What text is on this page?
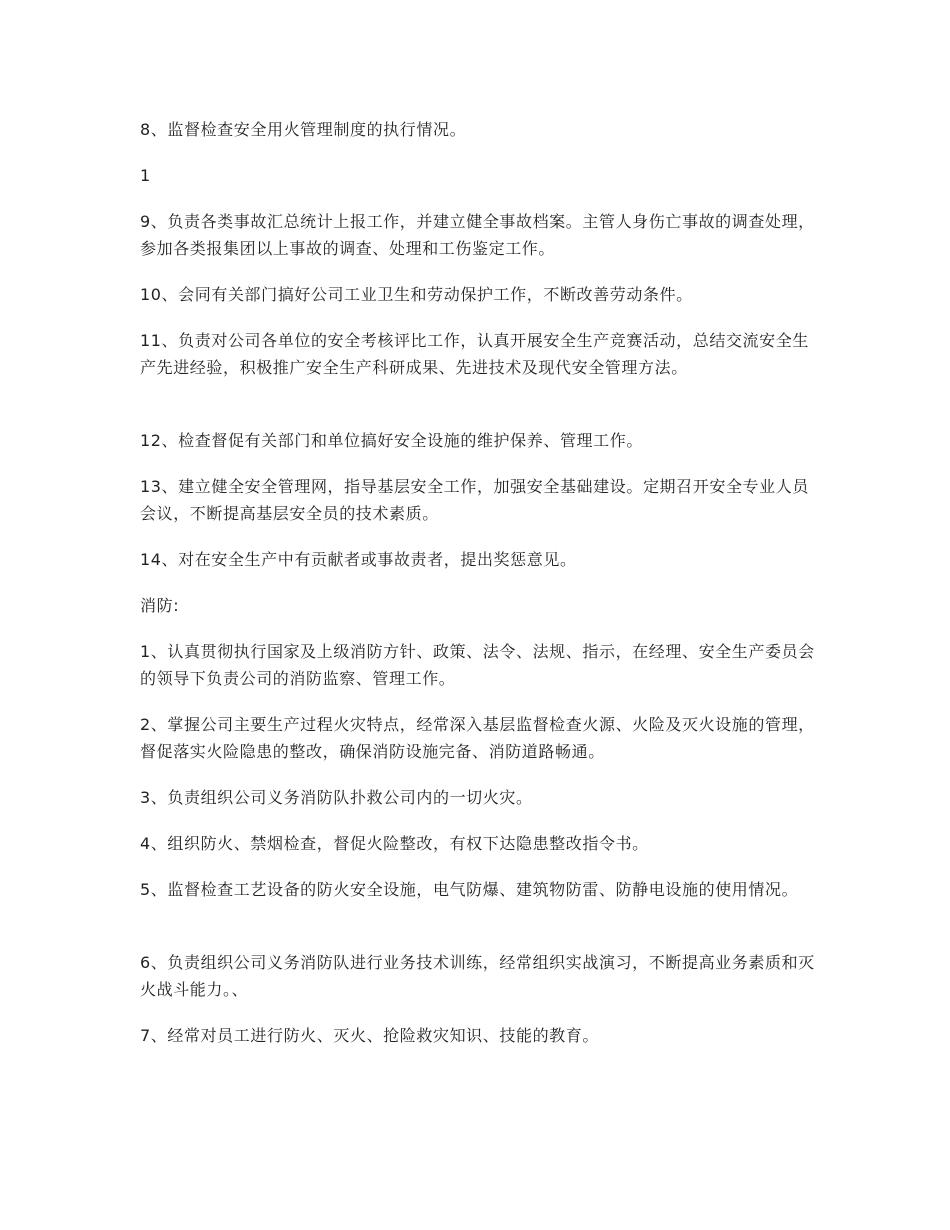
8、监督检查安全用火管理制度的执行情况。

1

9、负责各类事故汇总统计上报工作，并建立健全事故档案。主管人身伤亡事故的调查处理，参加各类报集团以上事故的调查、处理和工伤鉴定工作。

10、会同有关部门搞好公司工业卫生和劳动保护工作，不断改善劳动条件。

11、负责对公司各单位的安全考核评比工作，认真开展安全生产竞赛活动，总结交流安全生产先进经验，积极推广安全生产科研成果、先进技术及现代安全管理方法。

12、检查督促有关部门和单位搞好安全设施的维护保养、管理工作。

13、建立健全安全管理网，指导基层安全工作，加强安全基础建设。定期召开安全专业人员会议，不断提高基层安全员的技术素质。

14、对在安全生产中有贡献者或事故责者，提出奖惩意见。

消防:

1、认真贯彻执行国家及上级消防方针、政策、法令、法规、指示，在经理、安全生产委员会的领导下负责公司的消防监察、管理工作。

2、掌握公司主要生产过程火灾特点，经常深入基层监督检查火源、火险及灭火设施的管理，督促落实火险隐患的整改，确保消防设施完备、消防道路畅通。

3、负责组织公司义务消防队扑救公司内的一切火灾。

4、组织防火、禁烟检查，督促火险整改，有权下达隐患整改指令书。

5、监督检查工艺设备的防火安全设施，电气防爆、建筑物防雷、防静电设施的使用情况。

6、负责组织公司义务消防队进行业务技术训练，经常组织实战演习，不断提高业务素质和灭火战斗能力。、

7、经常对员工进行防火、灭火、抢险救灾知识、技能的教育。
